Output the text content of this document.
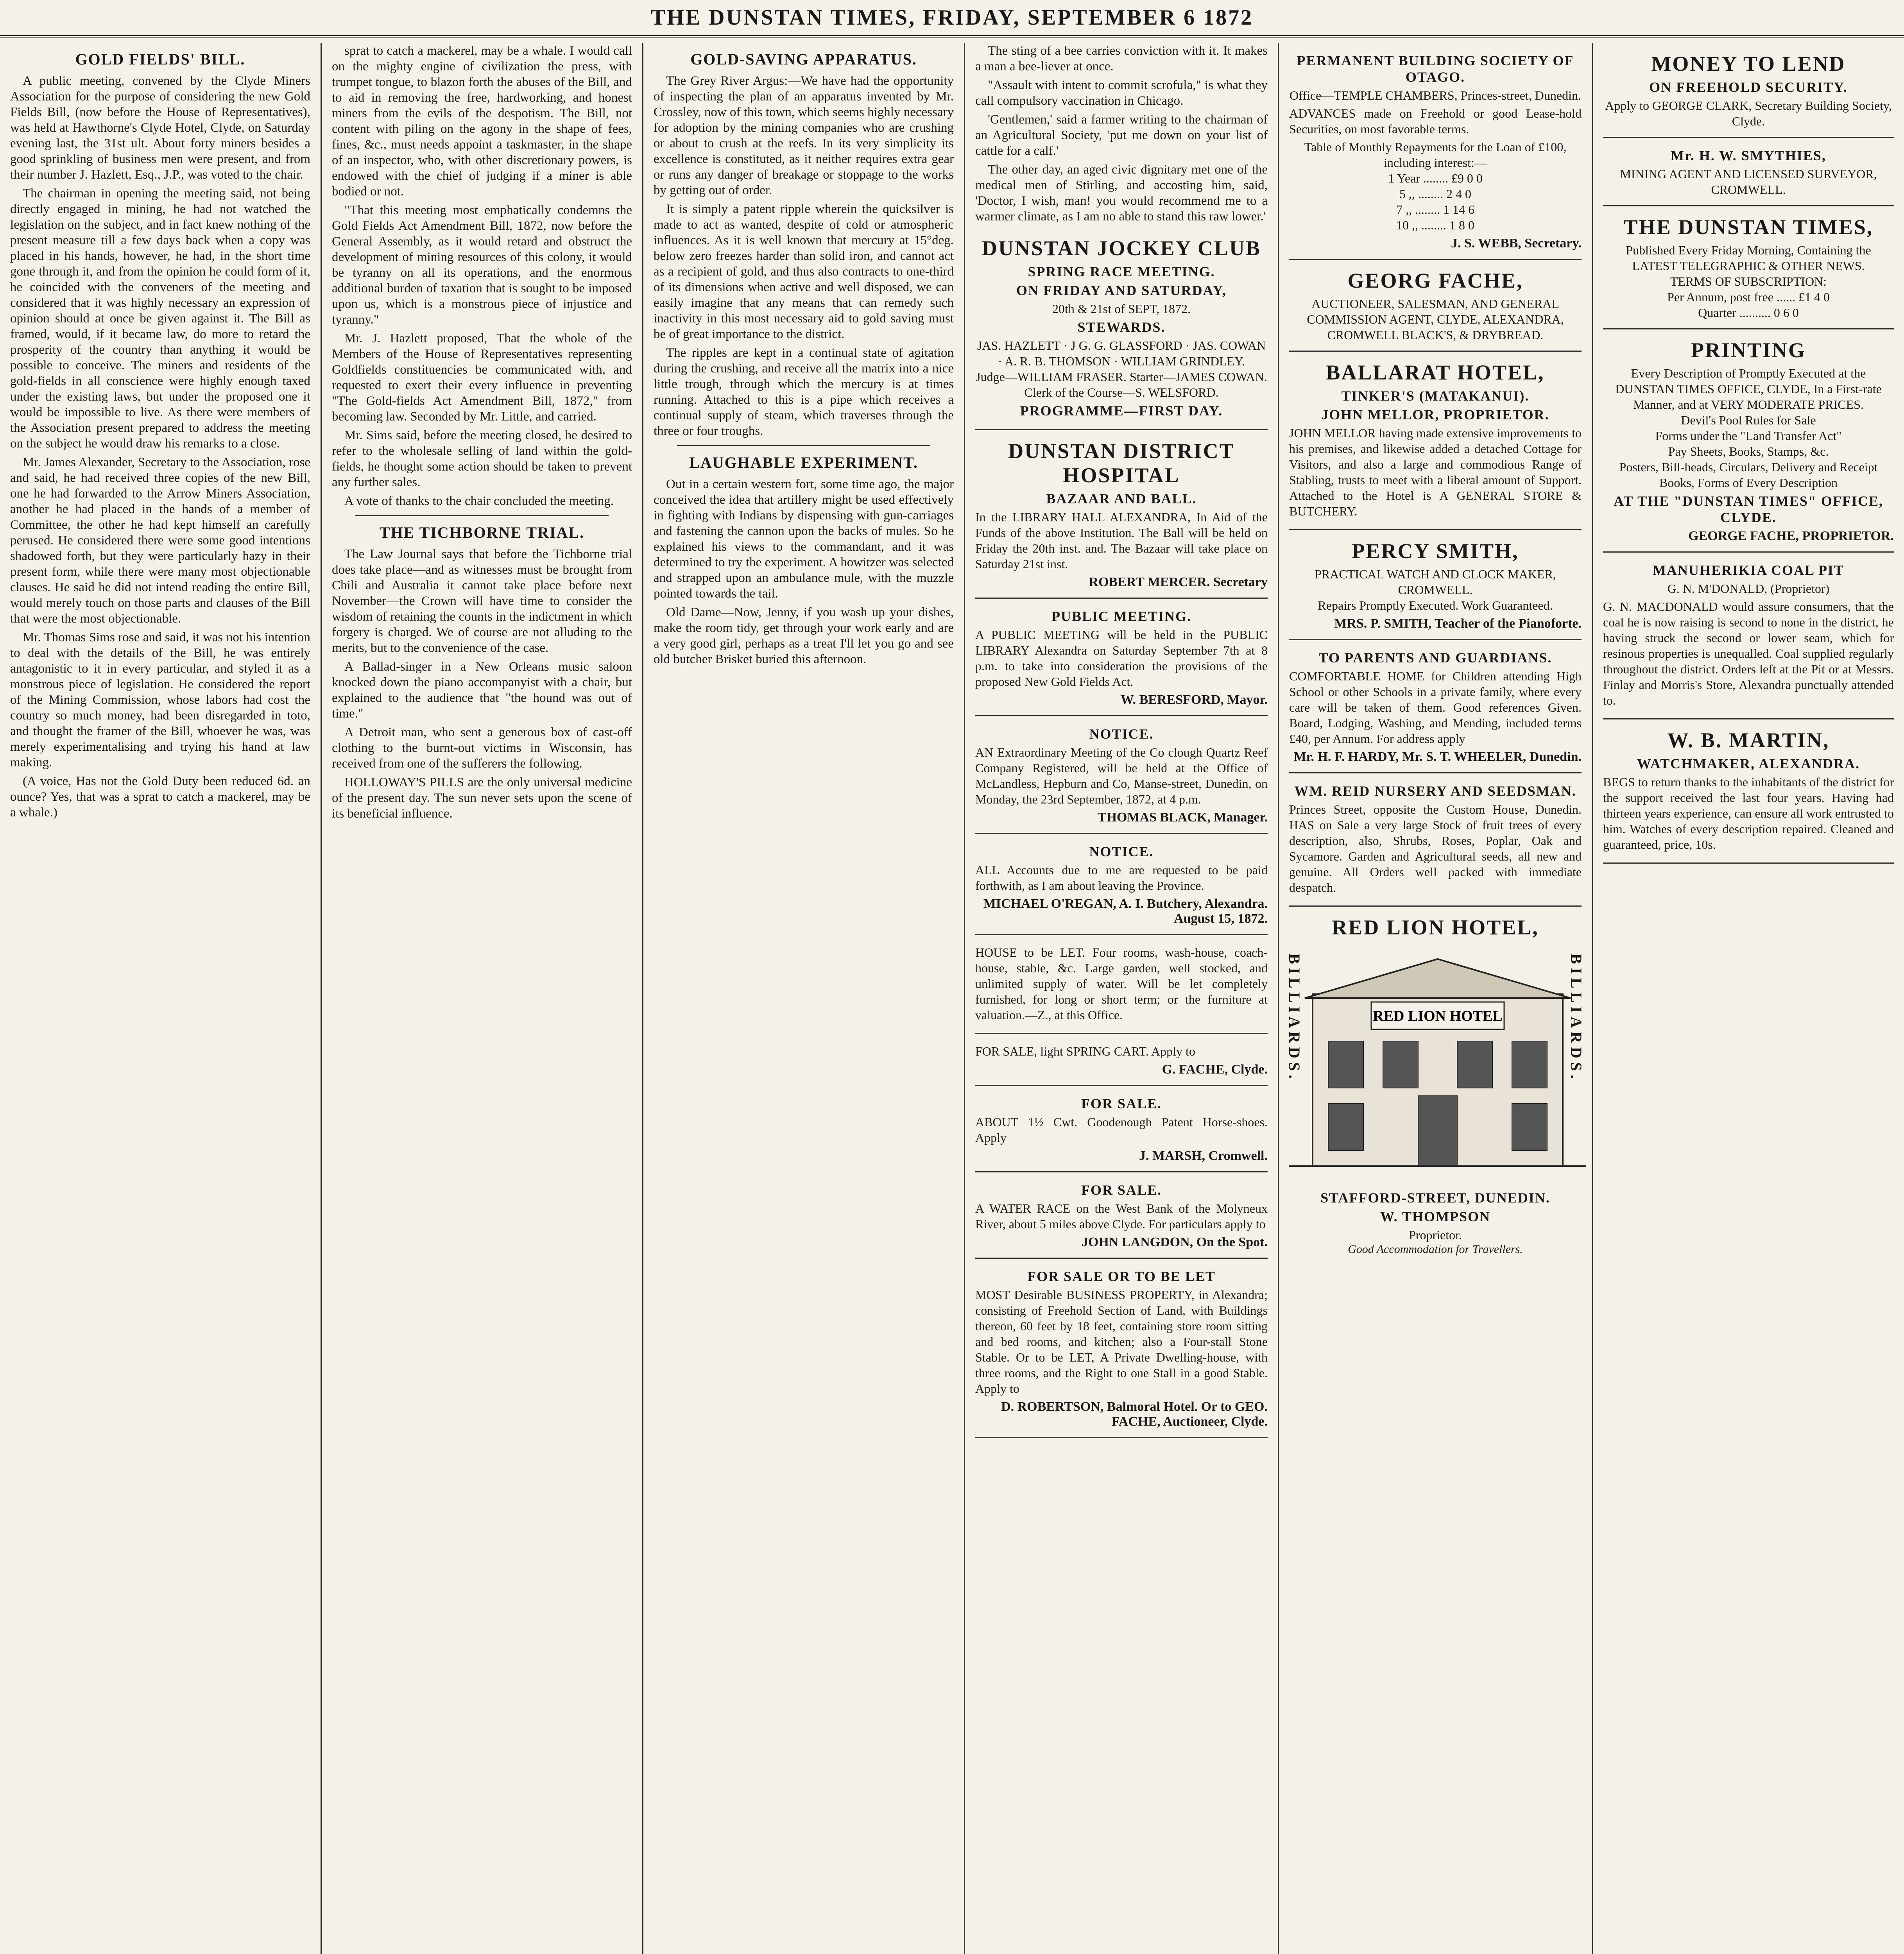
THE DUNSTAN TIMES, FRIDAY, SEPTEMBER 6 1872
GOLD FIELDS' BILL.

A public meeting, convened by the Clyde Miners Association for the purpose of considering the new Gold Fields Bill, (now before the House of Representatives), was held at Hawthorne's Clyde Hotel, Clyde, on Saturday evening last, the 31st ult. About forty miners besides a good sprinkling of business men were present, and from their number J. Hazlett, Esq., J.P., was voted to the chair.

The chairman in opening the meeting said, not being directly engaged in mining, he had not watched the legislation on the subject, and in fact knew nothing of the present measure till a few days back when a copy was placed in his hands, however, he had, in the short time gone through it, and from the opinion he could form of it, he coincided with the conveners of the meeting and considered that it was highly necessary an expression of opinion should at once be given against it. The Bill as framed, would, if it became law, do more to retard the prosperity of the country than anything it would be possible to conceive. The miners and residents of the gold-fields in all conscience were highly enough taxed under the existing laws, but under the proposed one it would be impossible to live. As there were members of the Association present prepared to address the meeting on the subject he would draw his remarks to a close.

Mr. James Alexander, Secretary to the Association, rose and said, he had received three copies of the new Bill, one he had forwarded to the Arrow Miners Association, another he had placed in the hands of a member of Committee, the other he had kept himself an carefully perused. He considered there were some good intentions shadowed forth, but they were particularly hazy in their present form, while there were many most objectionable clauses. He said he did not intend reading the entire Bill, would merely touch on those parts and clauses of the Bill that were the most objectionable.

Mr. Thomas Sims rose and said, it was not his intention to deal with the details of the Bill, he was entirely antagonistic to it in every particular, and styled it as a monstrous piece of legislation. He considered the report of the Mining Commission, whose labors had cost the country so much money, had been disregarded in toto, and thought the framer of the Bill, whoever he was, was merely experimentalising and trying his hand at law making.

(A voice, Has not the Gold Duty been reduced 6d. an ounce? Yes, that was a sprat to catch a mackerel, may be a whale.)

sprat to catch a mackerel, may be a whale. I would call on the mighty engine of civilization the press, with trumpet tongue, to blazon forth the abuses of the Bill, and to aid in removing the free, hardworking, and honest miners from the evils of the despotism. The Bill, not content with piling on the agony in the shape of fees, fines, &c., must needs appoint a taskmaster, in the shape of an inspector, who, with other discretionary powers, is endowed with the chief of judging if a miner is able bodied or not.

"That this meeting most emphatically condemns the Gold Fields Act Amendment Bill, 1872, now before the General Assembly, as it would retard and obstruct the development of mining resources of this colony, it would be tyranny on all its operations, and the enormous additional burden of taxation that is sought to be imposed upon us, which is a monstrous piece of injustice and tyranny."

Mr. J. Hazlett proposed, That the whole of the Members of the House of Representatives representing Goldfields constituencies be communicated with, and requested to exert their every influence in preventing "The Gold-fields Act Amendment Bill, 1872," from becoming law. Seconded by Mr. Little, and carried.

Mr. Sims said, before the meeting closed, he desired to refer to the wholesale selling of land within the gold-fields, he thought some action should be taken to prevent any further sales.

A vote of thanks to the chair concluded the meeting.

THE TICHBORNE TRIAL.

The Law Journal says that before the Tichborne trial does take place—and as witnesses must be brought from Chili and Australia it cannot take place before next November—the Crown will have time to consider the wisdom of retaining the counts in the indictment in which forgery is charged. We of course are not alluding to the merits, but to the convenience of the case.

A Ballad-singer in a New Orleans music saloon knocked down the piano accompanyist with a chair, but explained to the audience that "the hound was out of time."

A Detroit man, who sent a generous box of cast-off clothing to the burnt-out victims in Wisconsin, has received from one of the sufferers the following.

HOLLOWAY'S PILLS are the only universal medicine of the present day. The sun never sets upon the scene of its beneficial influence.

GOLD-SAVING APPARATUS.

The Grey River Argus:—We have had the opportunity of inspecting the plan of an apparatus invented by Mr. Crossley, now of this town, which seems highly necessary for adoption by the mining companies who are crushing or about to crush at the reefs. In its very simplicity its excellence is constituted, as it neither requires extra gear or runs any danger of breakage or stoppage to the works by getting out of order.

It is simply a patent ripple wherein the quicksilver is made to act as wanted, despite of cold or atmospheric influences. As it is well known that mercury at 15°deg. below zero freezes harder than solid iron, and cannot act as a recipient of gold, and thus also contracts to one-third of its dimensions when active and well disposed, we can easily imagine that any means that can remedy such inactivity in this most necessary aid to gold saving must be of great importance to the district.

The ripples are kept in a continual state of agitation during the crushing, and receive all the matrix into a nice little trough, through which the mercury is at times running. Attached to this is a pipe which receives a continual supply of steam, which traverses through the three or four troughs.

LAUGHABLE EXPERIMENT.

Out in a certain western fort, some time ago, the major conceived the idea that artillery might be used effectively in fighting with Indians by dispensing with gun-carriages and fastening the cannon upon the backs of mules. So he explained his views to the commandant, and it was determined to try the experiment. A howitzer was selected and strapped upon an ambulance mule, with the muzzle pointed towards the tail.

Old Dame—Now, Jenny, if you wash up your dishes, make the room tidy, get through your work early and are a very good girl, perhaps as a treat I'll let you go and see old butcher Brisket buried this afternoon.

The sting of a bee carries conviction with it. It makes a man a bee-liever at once.

"Assault with intent to commit scrofula," is what they call compulsory vaccination in Chicago.

'Gentlemen,' said a farmer writing to the chairman of an Agricultural Society, 'put me down on your list of cattle for a calf.'

The other day, an aged civic dignitary met one of the medical men of Stirling, and accosting him, said, 'Doctor, I wish, man! you would recommend me to a warmer climate, as I am no able to stand this raw lower.'

DUNSTAN JOCKEY CLUB
SPRING RACE MEETING.
ON FRIDAY AND SATURDAY,
20th & 21st of SEPT, 1872.
STEWARDS.
JAS. HAZLETT · J G. G. GLASSFORD · JAS. COWAN · A. R. B. THOMSON · WILLIAM GRINDLEY.
Judge—WILLIAM FRASER. Starter—JAMES COWAN. Clerk of the Course—S. WELSFORD.
PROGRAMME—FIRST DAY.
DUNSTAN DISTRICT HOSPITAL
BAZAAR AND BALL.
In the LIBRARY HALL ALEXANDRA, In Aid of the Funds of the above Institution. The Ball will be held on Friday the 20th inst. and. The Bazaar will take place on Saturday 21st inst.
ROBERT MERCER. Secretary
PUBLIC MEETING.
A PUBLIC MEETING will be held in the PUBLIC LIBRARY Alexandra on Saturday September 7th at 8 p.m. to take into consideration the provisions of the proposed New Gold Fields Act.
W. BERESFORD, Mayor.
NOTICE.
AN Extraordinary Meeting of the Co clough Quartz Reef Company Registered, will be held at the Office of McLandless, Hepburn and Co, Manse-street, Dunedin, on Monday, the 23rd September, 1872, at 4 p.m.
THOMAS BLACK, Manager.
NOTICE.
ALL Accounts due to me are requested to be paid forthwith, as I am about leaving the Province.
MICHAEL O'REGAN, A. I. Butchery, Alexandra. August 15, 1872.
HOUSE to be LET. Four rooms, wash-house, coach-house, stable, &c. Large garden, well stocked, and unlimited supply of water. Will be let completely furnished, for long or short term; or the furniture at valuation.—Z., at this Office.
FOR SALE, light SPRING CART. Apply to
G. FACHE, Clyde.
FOR SALE.
ABOUT 1½ Cwt. Goodenough Patent Horse-shoes. Apply
J. MARSH, Cromwell.
FOR SALE.
A WATER RACE on the West Bank of the Molyneux River, about 5 miles above Clyde. For particulars apply to
JOHN LANGDON, On the Spot.
FOR SALE OR TO BE LET
MOST Desirable BUSINESS PROPERTY, in Alexandra; consisting of Freehold Section of Land, with Buildings thereon, 60 feet by 18 feet, containing store room sitting and bed rooms, and kitchen; also a Four-stall Stone Stable. Or to be LET, A Private Dwelling-house, with three rooms, and the Right to one Stall in a good Stable. Apply to
D. ROBERTSON, Balmoral Hotel. Or to GEO. FACHE, Auctioneer, Clyde.
PERMANENT BUILDING SOCIETY OF OTAGO.
Office—TEMPLE CHAMBERS, Princes-street, Dunedin.
ADVANCES made on Freehold or good Lease-hold Securities, on most favorable terms.
Table of Monthly Repayments for the Loan of £100, including interest:—
1 Year ........ £9 0 0
5 ,, ........ 2 4 0
7 ,, ........ 1 14 6
10 ,, ........ 1 8 0
J. S. WEBB, Secretary.
GEORG FACHE,
AUCTIONEER, SALESMAN, AND GENERAL COMMISSION AGENT, CLYDE, ALEXANDRA, CROMWELL BLACK'S, & DRYBREAD.
BALLARAT HOTEL,
TINKER'S (MATAKANUI).
JOHN MELLOR, PROPRIETOR.
JOHN MELLOR having made extensive improvements to his premises, and likewise added a detached Cottage for Visitors, and also a large and commodious Range of Stabling, trusts to meet with a liberal amount of Support. Attached to the Hotel is A GENERAL STORE & BUTCHERY.
PERCY SMITH,
PRACTICAL WATCH AND CLOCK MAKER, CROMWELL.
Repairs Promptly Executed. Work Guaranteed.
MRS. P. SMITH, Teacher of the Pianoforte.
TO PARENTS AND GUARDIANS.
COMFORTABLE HOME for Children attending High School or other Schools in a private family, where every care will be taken of them. Good references Given. Board, Lodging, Washing, and Mending, included terms £40, per Annum. For address apply
Mr. H. F. HARDY, Mr. S. T. WHEELER, Dunedin.
WM. REID NURSERY AND SEEDSMAN.
Princes Street, opposite the Custom House, Dunedin. HAS on Sale a very large Stock of fruit trees of every description, also, Shrubs, Roses, Poplar, Oak and Sycamore. Garden and Agricultural seeds, all new and genuine. All Orders well packed with immediate despatch.
RED LION HOTEL,
RED LION HOTEL
BILLIARDS.	BILLIARDS.
STAFFORD-STREET, DUNEDIN.
W. THOMPSON
Proprietor.
Good Accommodation for Travellers.
MONEY TO LEND
ON FREEHOLD SECURITY.
Apply to GEORGE CLARK, Secretary Building Society, Clyde.
Mr. H. W. SMYTHIES,
MINING AGENT AND LICENSED SURVEYOR, CROMWELL.
THE DUNSTAN TIMES,
Published Every Friday Morning, Containing the LATEST TELEGRAPHIC & OTHER NEWS.
TERMS OF SUBSCRIPTION:
Per Annum, post free ...... £1 4 0
Quarter .......... 0 6 0
PRINTING
Every Description of Promptly Executed at the DUNSTAN TIMES OFFICE, CLYDE, In a First-rate Manner, and at VERY MODERATE PRICES.
Devil's Pool Rules for Sale
Forms under the "Land Transfer Act"
Pay Sheets, Books, Stamps, &c.
Posters, Bill-heads, Circulars, Delivery and Receipt Books, Forms of Every Description
AT THE "DUNSTAN TIMES" OFFICE, CLYDE.
GEORGE FACHE, PROPRIETOR.
MANUHERIKIA COAL PIT
G. N. M'DONALD, (Proprietor)
G. N. MACDONALD would assure consumers, that the coal he is now raising is second to none in the district, he having struck the second or lower seam, which for resinous properties is unequalled. Coal supplied regularly throughout the district. Orders left at the Pit or at Messrs. Finlay and Morris's Store, Alexandra punctually attended to.
W. B. MARTIN,
WATCHMAKER, ALEXANDRA.
BEGS to return thanks to the inhabitants of the district for the support received the last four years. Having had thirteen years experience, can ensure all work entrusted to him. Watches of every description repaired. Cleaned and guaranteed, price, 10s.
